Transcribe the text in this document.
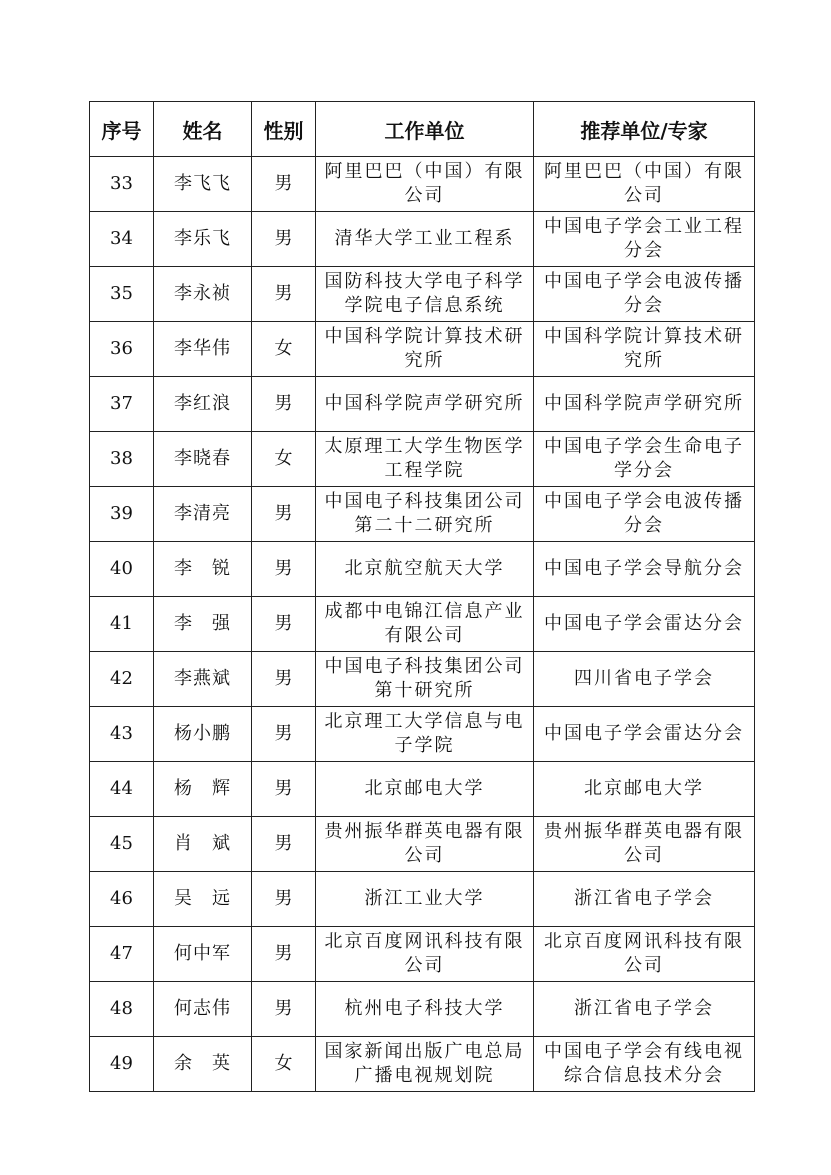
序号	姓名	性别	工作单位	推荐单位/专家
33	李飞飞	男	阿里巴巴（中国）有限公司	阿里巴巴（中国）有限公司
34	李乐飞	男	清华大学工业工程系	中国电子学会工业工程分会
35	李永祯	男	国防科技大学电子科学学院电子信息系统	中国电子学会电波传播分会
36	李华伟	女	中国科学院计算技术研究所	中国科学院计算技术研究所
37	李红浪	男	中国科学院声学研究所	中国科学院声学研究所
38	李晓春	女	太原理工大学生物医学工程学院	中国电子学会生命电子学分会
39	李清亮	男	中国电子科技集团公司第二十二研究所	中国电子学会电波传播分会
40	李　锐	男	北京航空航天大学	中国电子学会导航分会
41	李　强	男	成都中电锦江信息产业有限公司	中国电子学会雷达分会
42	李燕斌	男	中国电子科技集团公司第十研究所	四川省电子学会
43	杨小鹏	男	北京理工大学信息与电子学院	中国电子学会雷达分会
44	杨　辉	男	北京邮电大学	北京邮电大学
45	肖　斌	男	贵州振华群英电器有限公司	贵州振华群英电器有限公司
46	吴　远	男	浙江工业大学	浙江省电子学会
47	何中军	男	北京百度网讯科技有限公司	北京百度网讯科技有限公司
48	何志伟	男	杭州电子科技大学	浙江省电子学会
49	余　英	女	国家新闻出版广电总局广播电视规划院	中国电子学会有线电视综合信息技术分会
